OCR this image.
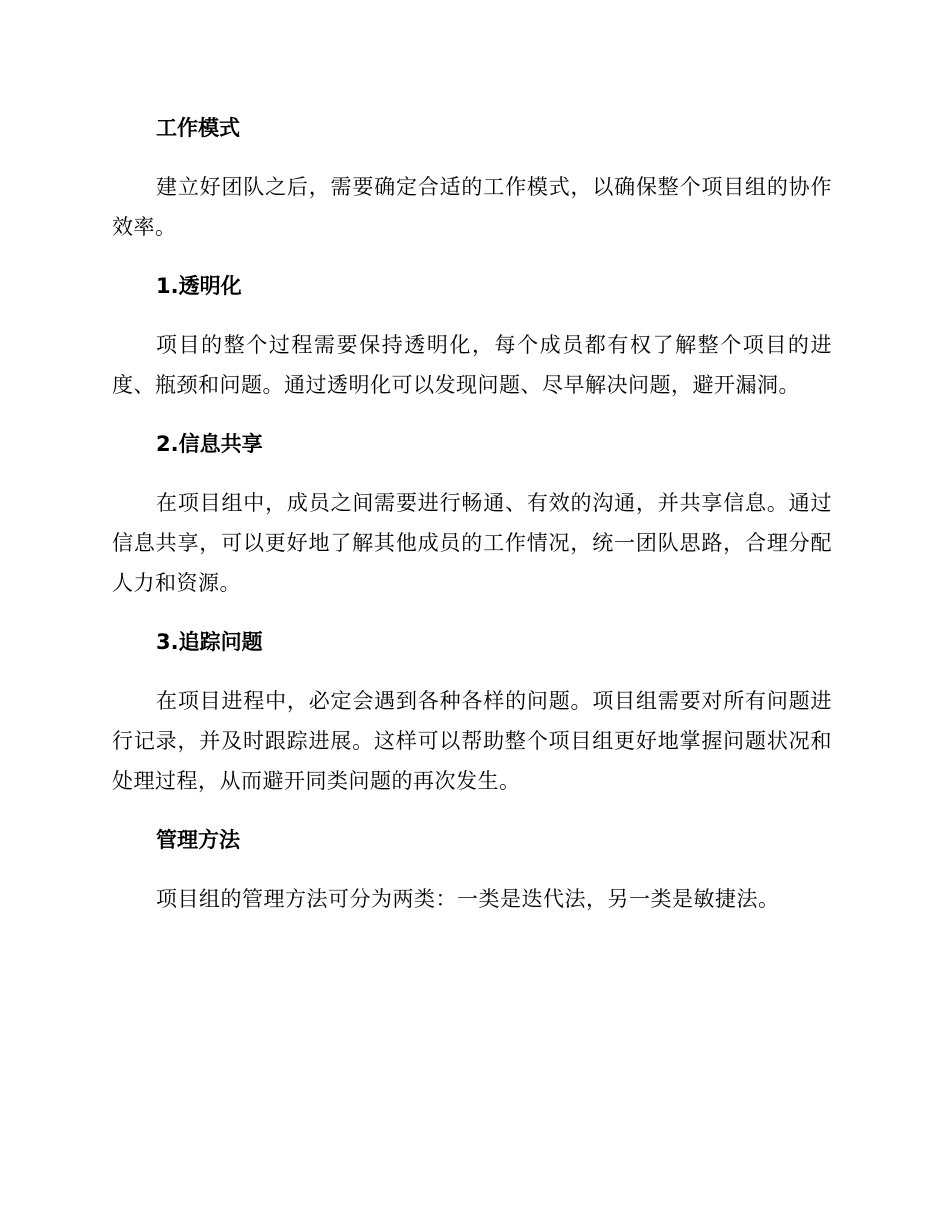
工作模式
建立好团队之后，需要确定合适的工作模式，以确保整个项目组的协作效率。
1.透明化
项目的整个过程需要保持透明化，每个成员都有权了解整个项目的进度、瓶颈和问题。通过透明化可以发现问题、尽早解决问题，避开漏洞。
2.信息共享
在项目组中，成员之间需要进行畅通、有效的沟通，并共享信息。通过信息共享，可以更好地了解其他成员的工作情况，统一团队思路，合理分配人力和资源。
3.追踪问题
在项目进程中，必定会遇到各种各样的问题。项目组需要对所有问题进行记录，并及时跟踪进展。这样可以帮助整个项目组更好地掌握问题状况和处理过程，从而避开同类问题的再次发生。
管理方法
项目组的管理方法可分为两类：一类是迭代法，另一类是敏捷法。
